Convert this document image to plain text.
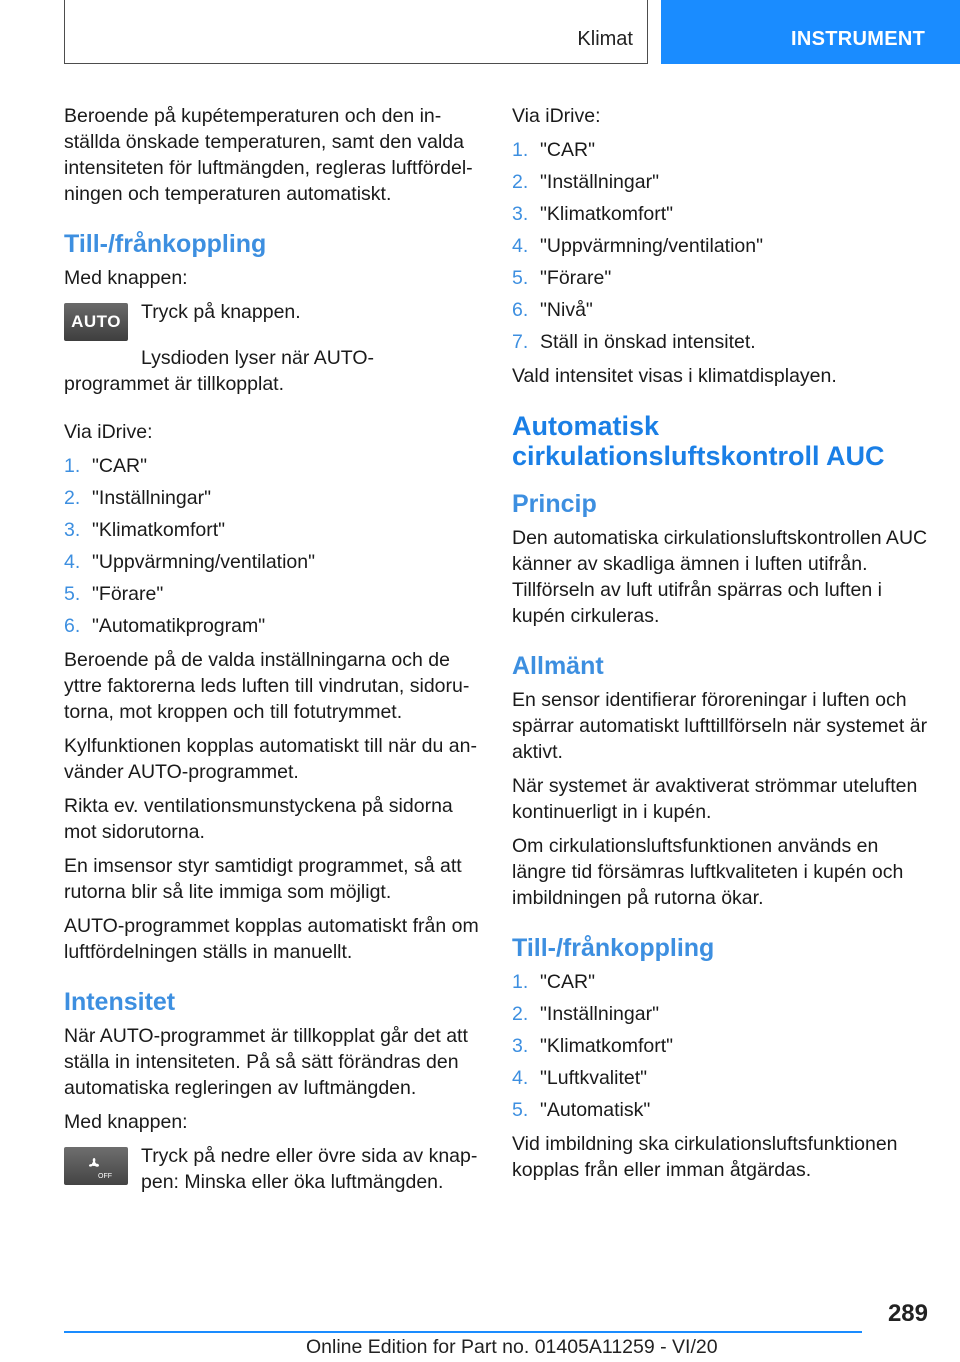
Klimat	INSTRUMENT

Beroende på kupétemperaturen och den inställda önskade temperaturen, samt den valda intensiteten för luftmängden, regleras luftfördelningen och temperaturen automatiskt.

Till-/frånkoppling

Med knappen:

AUTO	Tryck på knappen.

Lysdioden lyser när AUTO-programmet är tillkopplat.

Via iDrive:

1. "CAR"
2. "Inställningar"
3. "Klimatkomfort"
4. "Uppvärmning/ventilation"
5. "Förare"
6. "Automatikprogram"

Beroende på de valda inställningarna och de yttre faktorerna leds luften till vindrutan, sidorutorna, mot kroppen och till fotutrymmet.

Kylfunktionen kopplas automatiskt till när du använder AUTO-programmet.

Rikta ev. ventilationsmunstyckena på sidorna mot sidorutorna.

En imsensor styr samtidigt programmet, så att rutorna blir så lite immiga som möjligt.

AUTO-programmet kopplas automatiskt från om luftfördelningen ställs in manuellt.

Intensitet

När AUTO-programmet är tillkopplat går det att ställa in intensiteten. På så sätt förändras den automatiska regleringen av luftmängden.

Med knappen:

OFF

Tryck på nedre eller övre sida av knappen: Minska eller öka luftmängden.

Via iDrive:

1. "CAR"
2. "Inställningar"
3. "Klimatkomfort"
4. "Uppvärmning/ventilation"
5. "Förare"
6. "Nivå"
7. Ställ in önskad intensitet.

Vald intensitet visas i klimatdisplayen.

Automatisk cirkulationsluftskontroll AUC
Princip

Den automatiska cirkulationsluftskontrollen AUC känner av skadliga ämnen i luften utifrån. Tillförseln av luft utifrån spärras och luften i kupén cirkuleras.

Allmänt

En sensor identifierar föroreningar i luften och spärrar automatiskt lufttillförseln när systemet är aktivt.

När systemet är avaktiverat strömmar uteluften kontinuerligt in i kupén.

Om cirkulationsluftsfunktionen används en längre tid försämras luftkvaliteten i kupén och imbildningen på rutorna ökar.

Till-/frånkoppling
1. "CAR"
2. "Inställningar"
3. "Klimatkomfort"
4. "Luftkvalitet"
5. "Automatisk"

Vid imbildning ska cirkulationsluftsfunktionen kopplas från eller imman åtgärdas.

289
Online Edition for Part no. 01405A11259 - VI/20
